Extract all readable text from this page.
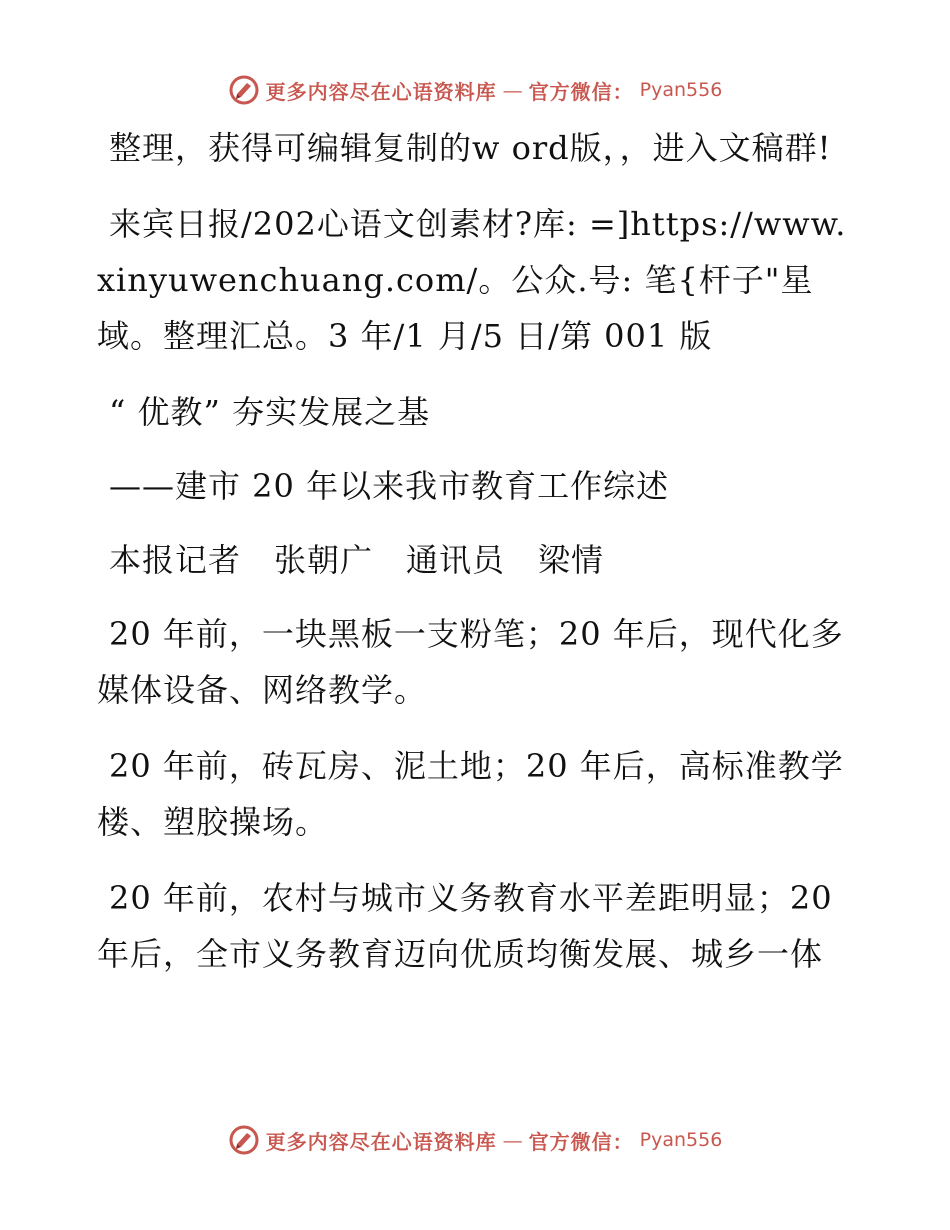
更多内容尽在心语资料库 — 官方微信： Pyan556

整理，获得可编辑复制的w ord版，，进入文稿群!

来宾日报/202心语文创素材?库: =]https://www.xinyuwenchuang.com/。公众.号: 笔{杆子"星域。整理汇总。3 年/1 月/5 日/第 001 版

“ 优教” 夯实发展之基

——建市 20 年以来我市教育工作综述

本报记者　张朝广　通讯员　梁情

20 年前，一块黑板一支粉笔；20 年后，现代化多媒体设备、网络教学。

20 年前，砖瓦房、泥土地；20 年后，高标准教学楼、塑胶操场。

20 年前，农村与城市义务教育水平差距明显；20 年后，全市义务教育迈向优质均衡发展、城乡一体

更多内容尽在心语资料库 — 官方微信： Pyan556
